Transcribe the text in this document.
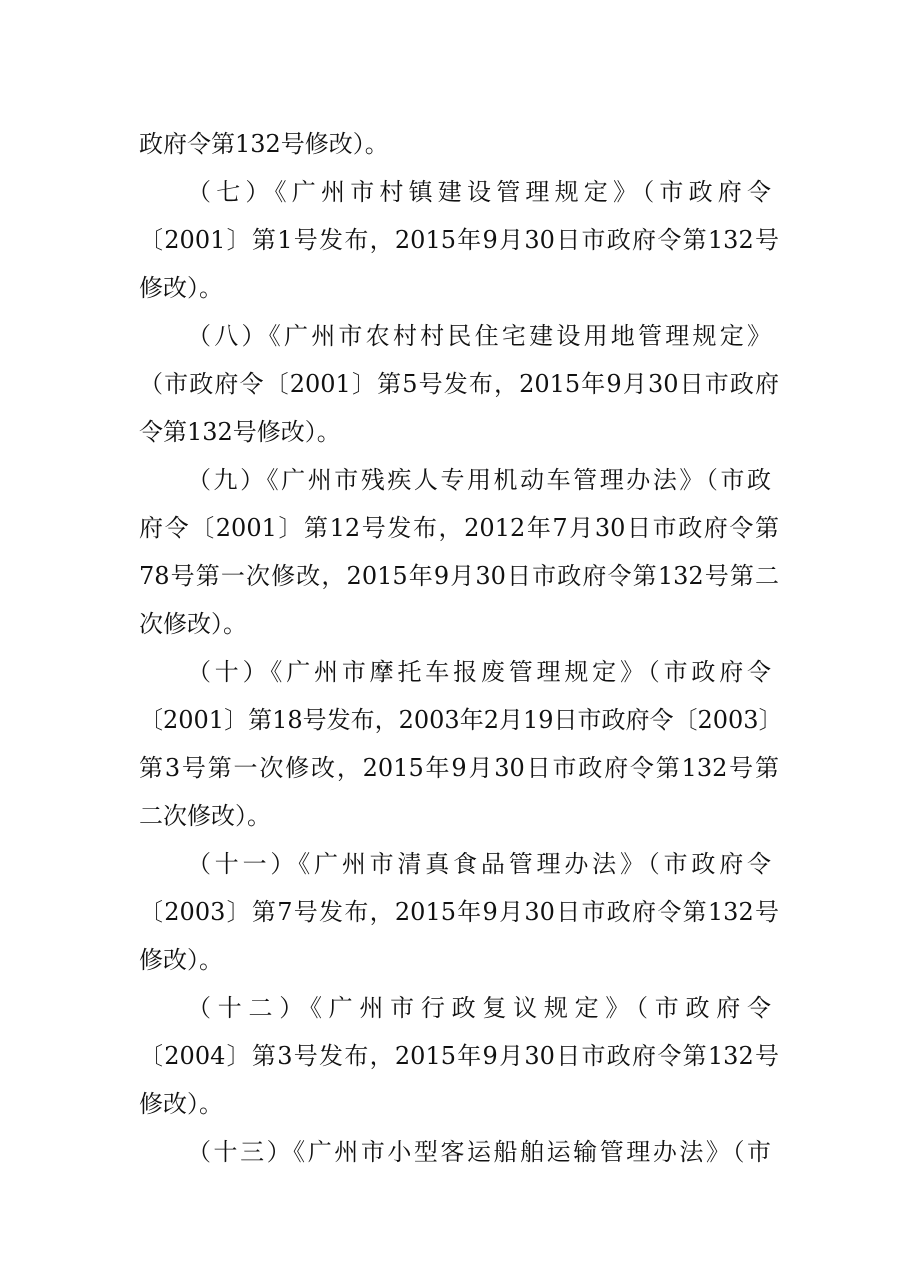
政府令第132号修改）。
（七）《广州市村镇建设管理规定》（市政府令
〔2001〕第1号发布，2015年9月30日市政府令第132号
修改）。
（八）《广州市农村村民住宅建设用地管理规定》
（市政府令〔2001〕第5号发布，2015年9月30日市政府
令第132号修改）。
（九）《广州市残疾人专用机动车管理办法》（市政
府令〔2001〕第12号发布，2012年7月30日市政府令第
78号第一次修改，2015年9月30日市政府令第132号第二
次修改）。
（十）《广州市摩托车报废管理规定》（市政府令
〔2001〕第18号发布，2003年2月19日市政府令〔2003〕
第3号第一次修改，2015年9月30日市政府令第132号第
二次修改）。
（十一）《广州市清真食品管理办法》（市政府令
〔2003〕第7号发布，2015年9月30日市政府令第132号
修改）。
（十二）《广州市行政复议规定》（市政府令
〔2004〕第3号发布，2015年9月30日市政府令第132号
修改）。
（十三）《广州市小型客运船舶运输管理办法》（市
